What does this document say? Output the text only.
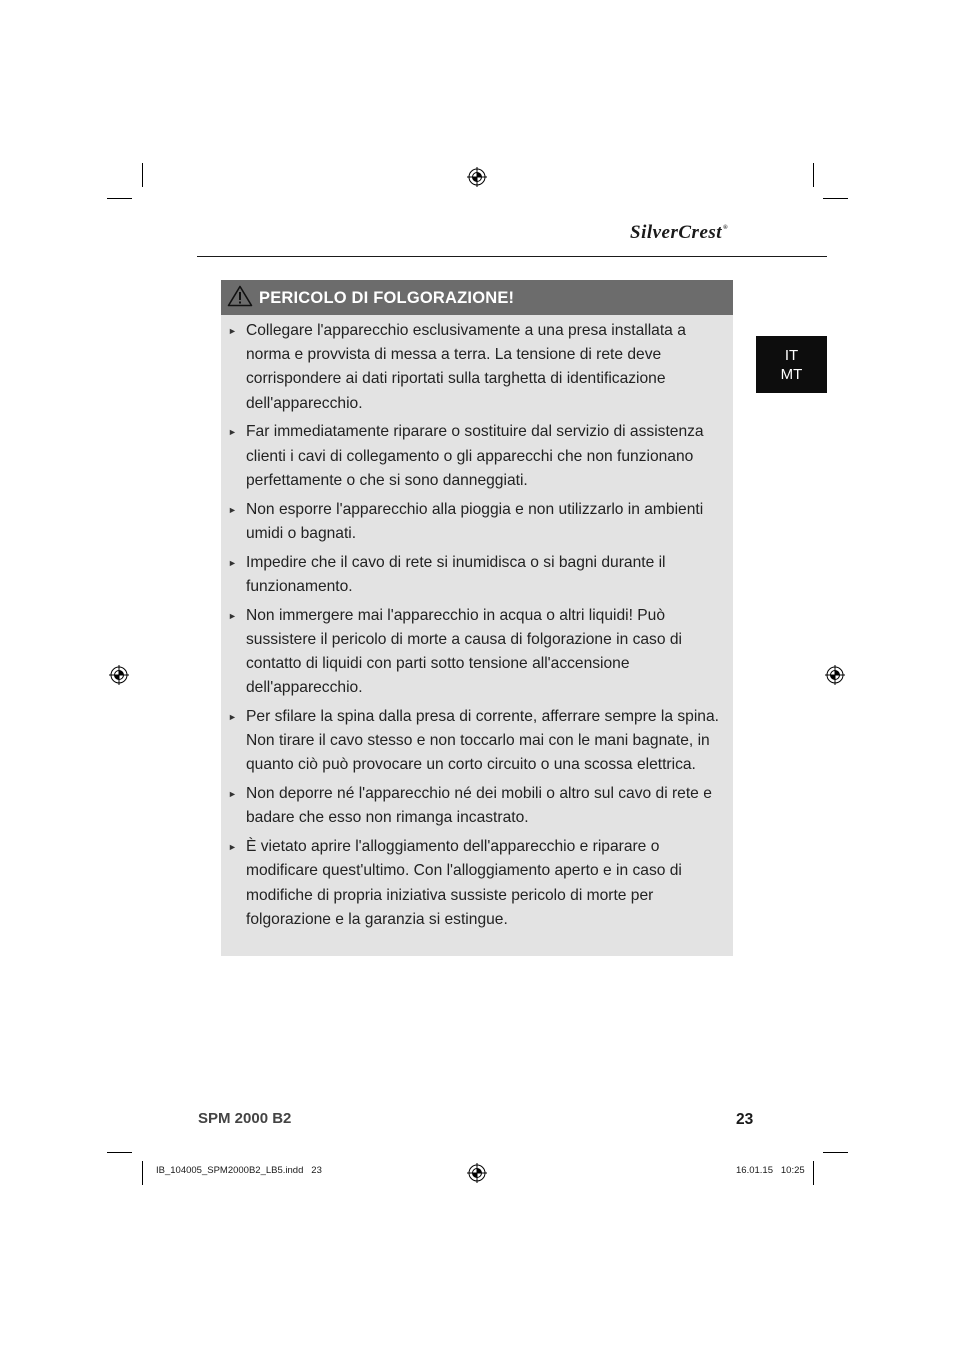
SilverCrest®
IT
MT
PERICOLO DI FOLGORAZIONE!
► Collegare l'apparecchio esclusivamente a una presa installata a norma e provvista di messa a terra. La tensione di rete deve corrispondere ai dati riportati sulla targhetta di identificazione dell'apparecchio.
► Far immediatamente riparare o sostituire dal servizio di assistenza clienti i cavi di collegamento o gli apparecchi che non funzionano perfettamente o che si sono danneggiati.
► Non esporre l'apparecchio alla pioggia e non utilizzarlo in ambienti umidi o bagnati.
► Impedire che il cavo di rete si inumidisca o si bagni durante il funzionamento.
► Non immergere mai l'apparecchio in acqua o altri liquidi! Può sussistere il pericolo di morte a causa di folgorazione in caso di contatto di liquidi con parti sotto tensione all'accensione dell'apparecchio.
► Per sfilare la spina dalla presa di corrente, afferrare sempre la spina. Non tirare il cavo stesso e non toccarlo mai con le mani bagnate, in quanto ciò può provocare un corto circuito o una scossa elettrica.
► Non deporre né l'apparecchio né dei mobili o altro sul cavo di rete e badare che esso non rimanga incastrato.
► È vietato aprire l'alloggiamento dell'apparecchio e riparare o modificare quest'ultimo. Con l'alloggiamento aperto e in caso di modifiche di propria iniziativa sussiste pericolo di morte per folgorazione e la garanzia si estingue.
SPM 2000 B2	23
IB_104005_SPM2000B2_LB5.indd   23	16.01.15   10:25
